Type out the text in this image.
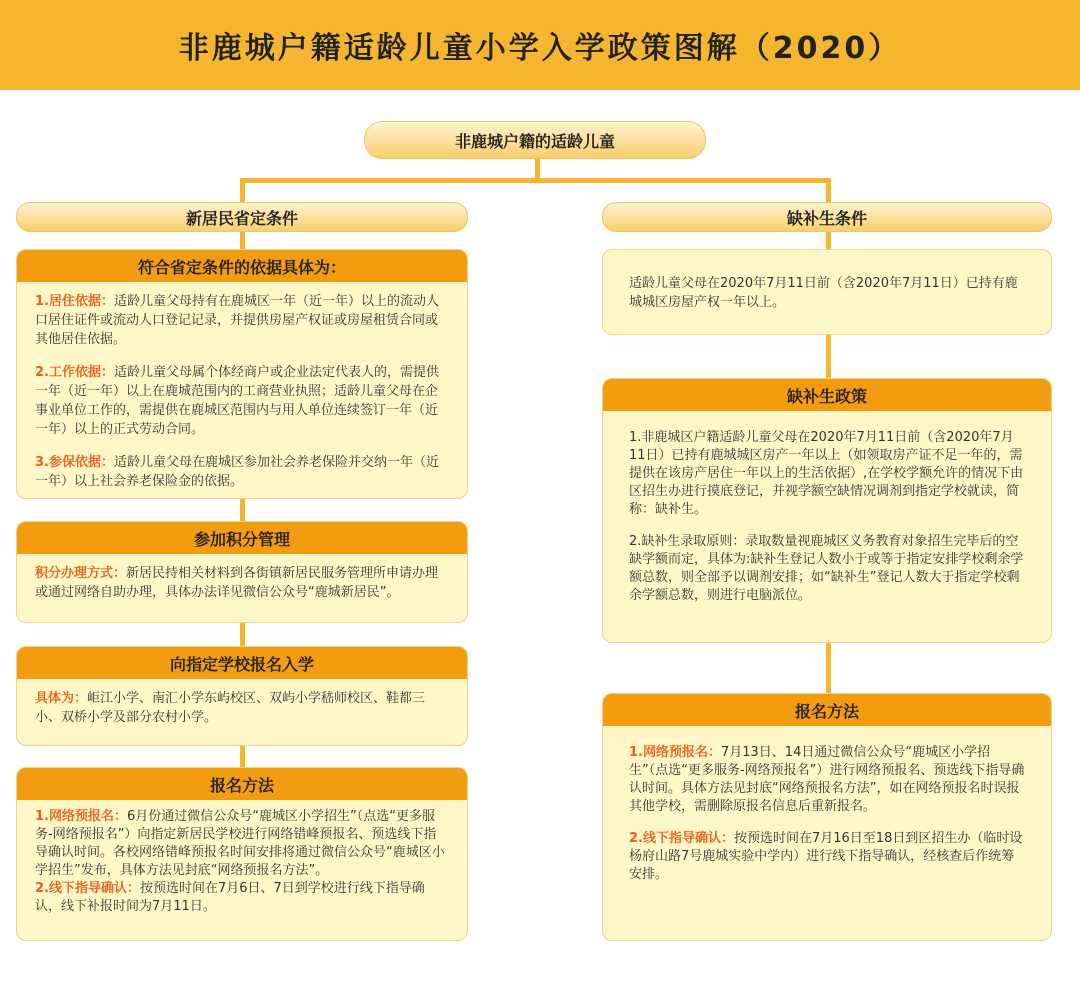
非鹿城户籍适龄儿童小学入学政策图解（2020）
非鹿城户籍的适龄儿童
新居民省定条件	缺补生条件
符合省定条件的依据具体为：

1.居住依据：适龄儿童父母持有在鹿城区一年（近一年）以上的流动人口居住证件或流动人口登记记录，并提供房屋产权证或房屋租赁合同或其他居住依据。

2.工作依据：适龄儿童父母属个体经商户或企业法定代表人的，需提供一年（近一年）以上在鹿城范围内的工商营业执照；适龄儿童父母在企事业单位工作的，需提供在鹿城区范围内与用人单位连续签订一年（近一年）以上的正式劳动合同。

3.参保依据：适龄儿童父母在鹿城区参加社会养老保险并交纳一年（近一年）以上社会养老保险金的依据。

参加积分管理

积分办理方式：新居民持相关材料到各街镇新居民服务管理所申请办理或通过网络自助办理，具体办法详见微信公众号“鹿城新居民”。

向指定学校报名入学

具体为：岠江小学、南汇小学东屿校区、双屿小学嵇师校区、鞋都三小、双桥小学及部分农村小学。

报名方法

1.网络预报名：6月份通过微信公众号“鹿城区小学招生”（点选“更多服务-网络预报名”）向指定新居民学校进行网络错峰预报名、预选线下指导确认时间。各校网络错峰预报名时间安排将通过微信公众号“鹿城区小学招生”发布，具体方法见封底“网络预报名方法”。

2.线下指导确认：按预选时间在7月6日、7日到学校进行线下指导确认，线下补报时间为7月11日。

适龄儿童父母在2020年7月11日前（含2020年7月11日）已持有鹿城城区房屋产权一年以上。

缺补生政策

1.非鹿城区户籍适龄儿童父母在2020年7月11日前（含2020年7月11日）已持有鹿城城区房产一年以上（如领取房产证不足一年的，需提供在该房产居住一年以上的生活依据）,在学校学额允许的情况下由区招生办进行摸底登记，并视学额空缺情况调剂到指定学校就读，简称：缺补生。

2.缺补生录取原则：录取数量视鹿城区义务教育对象招生完毕后的空缺学额而定，具体为:缺补生登记人数小于或等于指定安排学校剩余学额总数，则全部予以调剂安排；如“缺补生”登记人数大于指定学校剩余学额总数，则进行电脑派位。

报名方法

1.网络预报名：7月13日、14日通过微信公众号“鹿城区小学招生”（点选“更多服务-网络预报名”）进行网络预报名、预选线下指导确认时间。具体方法见封底“网络预报名方法”，如在网络预报名时误报其他学校，需删除原报名信息后重新报名。

2.线下指导确认：按预选时间在7月16日至18日到区招生办（临时设杨府山路7号鹿城实验中学内）进行线下指导确认，经核查后作统筹安排。
